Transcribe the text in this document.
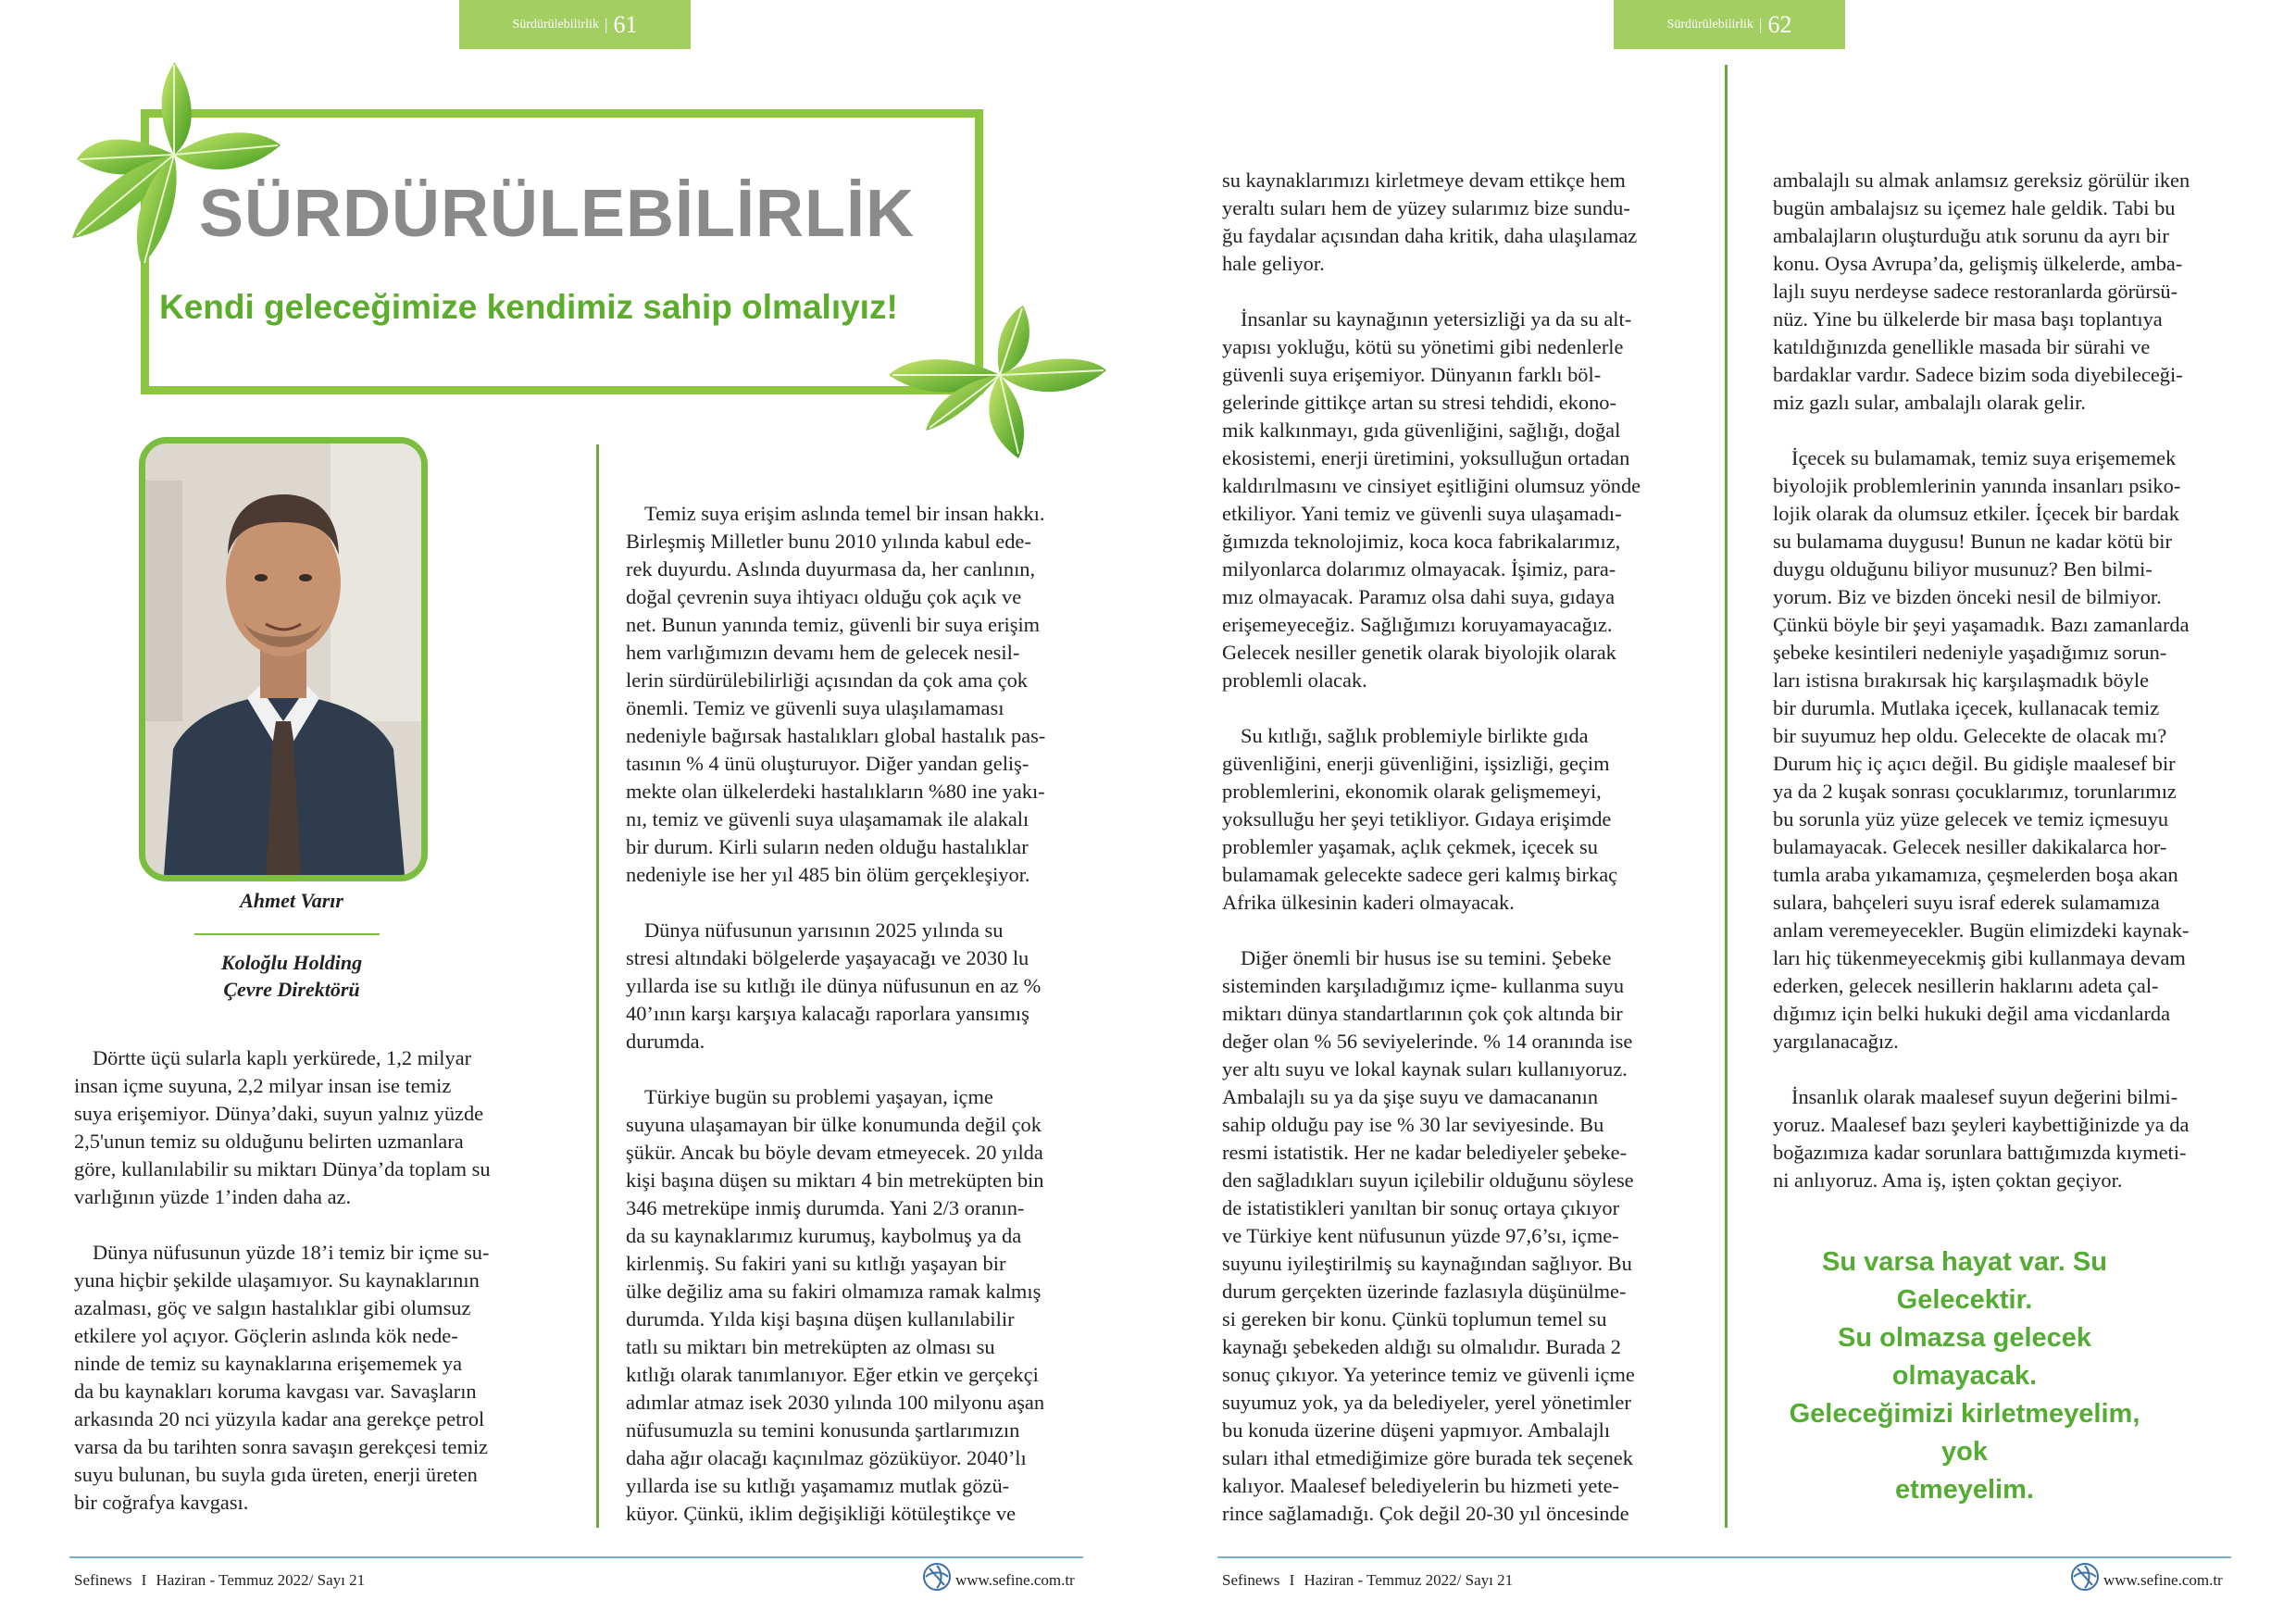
Sürdürülebilirlik | 61
SÜRDÜRÜLEBİLİRLİK
Kendi geleceğimize kendimiz sahip olmalıyız!
Ahmet Varır
Koloğlu Holding
Çevre Direktörü

Dörtte üçü sularla kaplı yerkürede, 1,2 milyar
insan içme suyuna, 2,2 milyar insan ise temiz
suya erişemiyor. Dünya’daki, suyun yalnız yüzde
2,5'unun temiz su olduğunu belirten uzmanlara
göre, kullanılabilir su miktarı Dünya’da toplam su
varlığının yüzde 1’inden daha az.

Dünya nüfusunun yüzde 18’i temiz bir içme su-
yuna hiçbir şekilde ulaşamıyor. Su kaynaklarının
azalması, göç ve salgın hastalıklar gibi olumsuz
etkilere yol açıyor. Göçlerin aslında kök nede-
ninde de temiz su kaynaklarına erişememek ya
da bu kaynakları koruma kavgası var. Savaşların
arkasında 20 nci yüzyıla kadar ana gerekçe petrol
varsa da bu tarihten sonra savaşın gerekçesi temiz
suyu bulunan, bu suyla gıda üreten, enerji üreten
bir coğrafya kavgası.

Temiz suya erişim aslında temel bir insan hakkı.
Birleşmiş Milletler bunu 2010 yılında kabul ede-
rek duyurdu. Aslında duyurmasa da, her canlının,
doğal çevrenin suya ihtiyacı olduğu çok açık ve
net. Bunun yanında temiz, güvenli bir suya erişim
hem varlığımızın devamı hem de gelecek nesil-
lerin sürdürülebilirliği açısından da çok ama çok
önemli. Temiz ve güvenli suya ulaşılamaması
nedeniyle bağırsak hastalıkları global hastalık pas-
tasının % 4 ünü oluşturuyor. Diğer yandan geliş-
mekte olan ülkelerdeki hastalıkların %80 ine yakı-
nı, temiz ve güvenli suya ulaşamamak ile alakalı
bir durum. Kirli suların neden olduğu hastalıklar
nedeniyle ise her yıl 485 bin ölüm gerçekleşiyor.

Dünya nüfusunun yarısının 2025 yılında su
stresi altındaki bölgelerde yaşayacağı ve 2030 lu
yıllarda ise su kıtlığı ile dünya nüfusunun en az %
40’ının karşı karşıya kalacağı raporlara yansımış
durumda.

Türkiye bugün su problemi yaşayan, içme
suyuna ulaşamayan bir ülke konumunda değil çok
şükür. Ancak bu böyle devam etmeyecek. 20 yılda
kişi başına düşen su miktarı 4 bin metreküpten bin
346 metreküpe inmiş durumda. Yani 2/3 oranın-
da su kaynaklarımız kurumuş, kaybolmuş ya da
kirlenmiş. Su fakiri yani su kıtlığı yaşayan bir
ülke değiliz ama su fakiri olmamıza ramak kalmış
durumda. Yılda kişi başına düşen kullanılabilir
tatlı su miktarı bin metreküpten az olması su
kıtlığı olarak tanımlanıyor. Eğer etkin ve gerçekçi
adımlar atmaz isek 2030 yılında 100 milyonu aşan
nüfusumuzla su temini konusunda şartlarımızın
daha ağır olacağı kaçınılmaz gözüküyor. 2040’lı
yıllarda ise su kıtlığı yaşamamız mutlak gözü-
küyor. Çünkü, iklim değişikliği kötüleştikçe ve

Sefinews I Haziran - Temmuz 2022/ Sayı 21	www.sefine.com.tr
Sürdürülebilirlik | 62

su kaynaklarımızı kirletmeye devam ettikçe hem
yeraltı suları hem de yüzey sularımız bize sundu-
ğu faydalar açısından daha kritik, daha ulaşılamaz
hale geliyor.

İnsanlar su kaynağının yetersizliği ya da su alt-
yapısı yokluğu, kötü su yönetimi gibi nedenlerle
güvenli suya erişemiyor. Dünyanın farklı böl-
gelerinde gittikçe artan su stresi tehdidi, ekono-
mik kalkınmayı, gıda güvenliğini, sağlığı, doğal
ekosistemi, enerji üretimini, yoksulluğun ortadan
kaldırılmasını ve cinsiyet eşitliğini olumsuz yönde
etkiliyor. Yani temiz ve güvenli suya ulaşamadı-
ğımızda teknolojimiz, koca koca fabrikalarımız,
milyonlarca dolarımız olmayacak. İşimiz, para-
mız olmayacak. Paramız olsa dahi suya, gıdaya
erişemeyeceğiz. Sağlığımızı koruyamayacağız.
Gelecek nesiller genetik olarak biyolojik olarak
problemli olacak.

Su kıtlığı, sağlık problemiyle birlikte gıda
güvenliğini, enerji güvenliğini, işsizliği, geçim
problemlerini, ekonomik olarak gelişmemeyi,
yoksulluğu her şeyi tetikliyor. Gıdaya erişimde
problemler yaşamak, açlık çekmek, içecek su
bulamamak gelecekte sadece geri kalmış birkaç
Afrika ülkesinin kaderi olmayacak.

Diğer önemli bir husus ise su temini. Şebeke
sisteminden karşıladığımız içme- kullanma suyu
miktarı dünya standartlarının çok çok altında bir
değer olan % 56 seviyelerinde. % 14 oranında ise
yer altı suyu ve lokal kaynak suları kullanıyoruz.
Ambalajlı su ya da şişe suyu ve damacananın
sahip olduğu pay ise % 30 lar seviyesinde. Bu
resmi istatistik. Her ne kadar belediyeler şebeke-
den sağladıkları suyun içilebilir olduğunu söylese
de istatistikleri yanıltan bir sonuç ortaya çıkıyor
ve Türkiye kent nüfusunun yüzde 97,6’sı, içme-
suyunu iyileştirilmiş su kaynağından sağlıyor. Bu
durum gerçekten üzerinde fazlasıyla düşünülme-
si gereken bir konu. Çünkü toplumun temel su
kaynağı şebekeden aldığı su olmalıdır. Burada 2
sonuç çıkıyor. Ya yeterince temiz ve güvenli içme
suyumuz yok, ya da belediyeler, yerel yönetimler
bu konuda üzerine düşeni yapmıyor. Ambalajlı
suları ithal etmediğimize göre burada tek seçenek
kalıyor. Maalesef belediyelerin bu hizmeti yete-
rince sağlamadığı. Çok değil 20-30 yıl öncesinde

ambalajlı su almak anlamsız gereksiz görülür iken
bugün ambalajsız su içemez hale geldik. Tabi bu
ambalajların oluşturduğu atık sorunu da ayrı bir
konu. Oysa Avrupa’da, gelişmiş ülkelerde, amba-
lajlı suyu nerdeyse sadece restoranlarda görürsü-
nüz. Yine bu ülkelerde bir masa başı toplantıya
katıldığınızda genellikle masada bir sürahi ve
bardaklar vardır. Sadece bizim soda diyebileceği-
miz gazlı sular, ambalajlı olarak gelir.

İçecek su bulamamak, temiz suya erişememek
biyolojik problemlerinin yanında insanları psiko-
lojik olarak da olumsuz etkiler. İçecek bir bardak
su bulamama duygusu! Bunun ne kadar kötü bir
duygu olduğunu biliyor musunuz? Ben bilmi-
yorum. Biz ve bizden önceki nesil de bilmiyor.
Çünkü böyle bir şeyi yaşamadık. Bazı zamanlarda
şebeke kesintileri nedeniyle yaşadığımız sorun-
ları istisna bırakırsak hiç karşılaşmadık böyle
bir durumla. Mutlaka içecek, kullanacak temiz
bir suyumuz hep oldu. Gelecekte de olacak mı?
Durum hiç iç açıcı değil. Bu gidişle maalesef bir
ya da 2 kuşak sonrası çocuklarımız, torunlarımız
bu sorunla yüz yüze gelecek ve temiz içmesuyu
bulamayacak. Gelecek nesiller dakikalarca hor-
tumla araba yıkamamıza, çeşmelerden boşa akan
sulara, bahçeleri suyu israf ederek sulamamıza
anlam veremeyecekler. Bugün elimizdeki kaynak-
ları hiç tükenmeyecekmiş gibi kullanmaya devam
ederken, gelecek nesillerin haklarını adeta çal-
dığımız için belki hukuki değil ama vicdanlarda
yargılanacağız.

İnsanlık olarak maalesef suyun değerini bilmi-
yoruz. Maalesef bazı şeyleri kaybettiğinizde ya da
boğazımıza kadar sorunlara battığımızda kıymeti-
ni anlıyoruz. Ama iş, işten çoktan geçiyor.

Su varsa hayat var. Su Gelecektir.
Su olmazsa gelecek olmayacak.
Geleceğimizi kirletmeyelim, yok
etmeyelim.
Sefinews I Haziran - Temmuz 2022/ Sayı 21	www.sefine.com.tr
